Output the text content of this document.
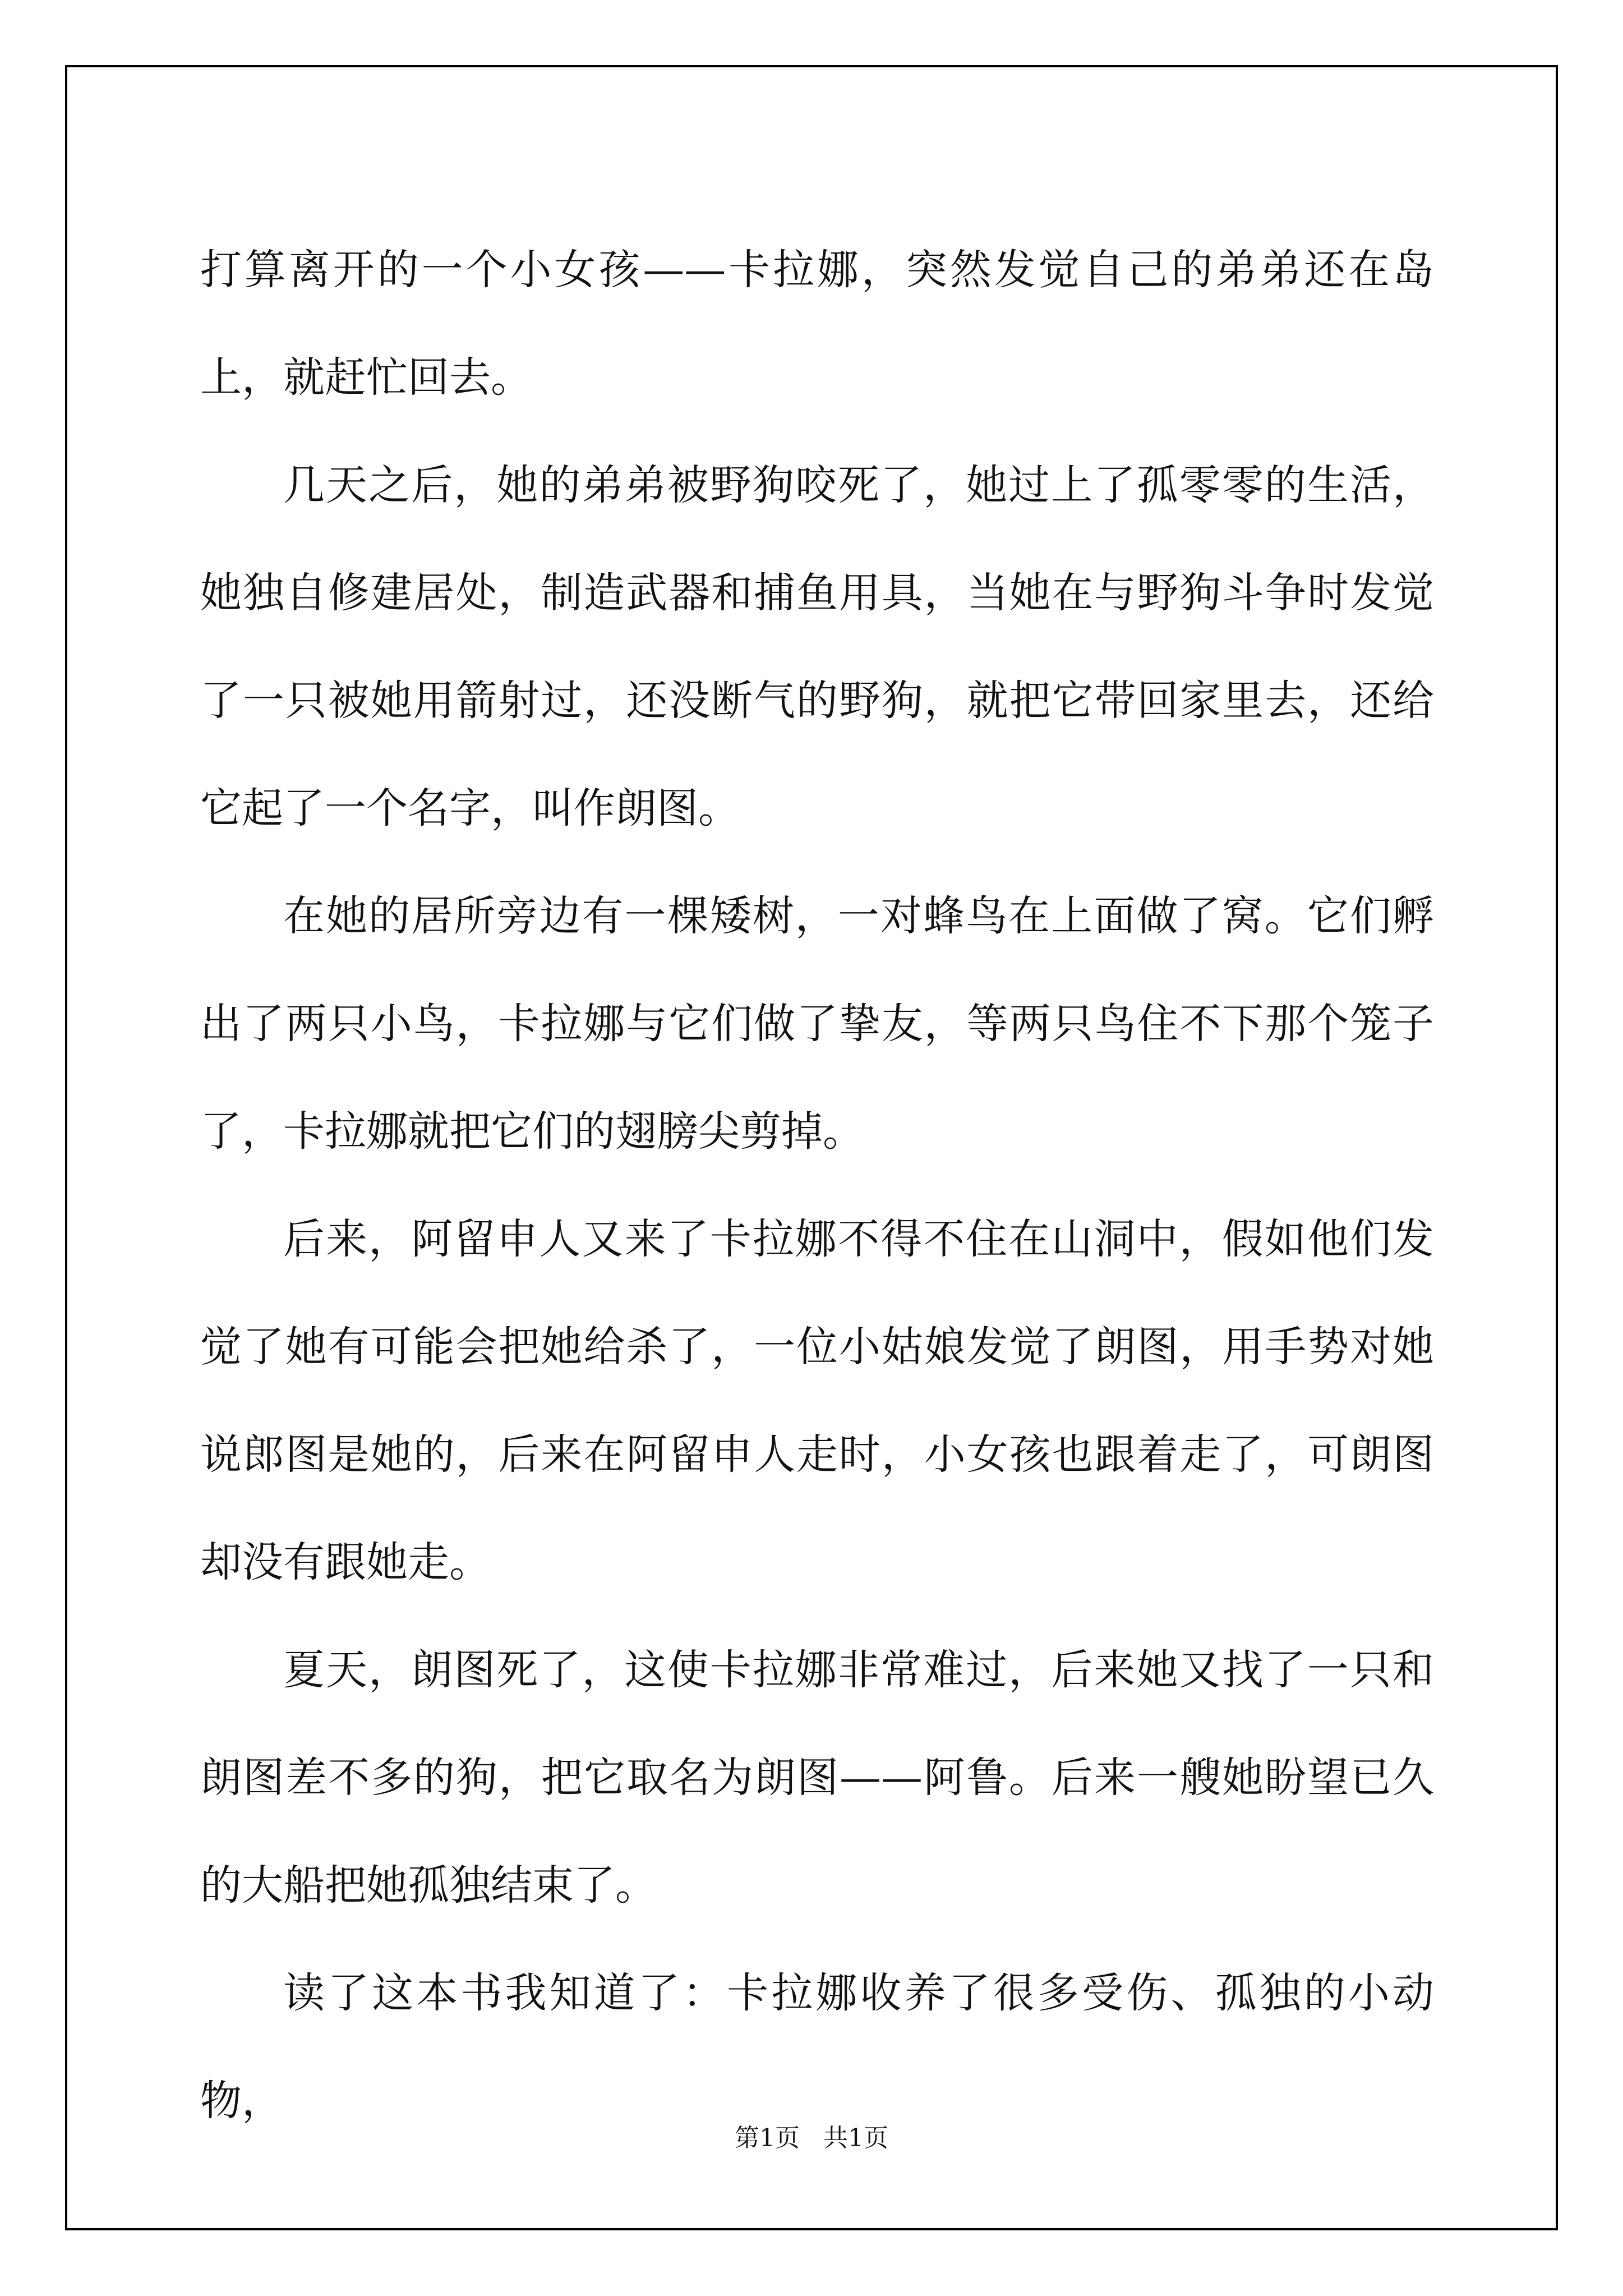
打算离开的一个小女孩——卡拉娜，突然发觉自己的弟弟还在岛上，就赶忙回去。

几天之后，她的弟弟被野狗咬死了，她过上了孤零零的生活，她独自修建居处，制造武器和捕鱼用具，当她在与野狗斗争时发觉了一只被她用箭射过，还没断气的野狗，就把它带回家里去，还给它起了一个名字，叫作朗图。

在她的居所旁边有一棵矮树，一对蜂鸟在上面做了窝。它们孵出了两只小鸟，卡拉娜与它们做了挚友，等两只鸟住不下那个笼子了，卡拉娜就把它们的翅膀尖剪掉。

后来，阿留申人又来了卡拉娜不得不住在山洞中，假如他们发觉了她有可能会把她给杀了，一位小姑娘发觉了朗图，用手势对她说郎图是她的，后来在阿留申人走时，小女孩也跟着走了，可朗图却没有跟她走。

夏天，朗图死了，这使卡拉娜非常难过，后来她又找了一只和朗图差不多的狗，把它取名为朗图——阿鲁。后来一艘她盼望已久的大船把她孤独结束了。

读了这本书我知道了：卡拉娜收养了很多受伤、孤独的小动物，

第1页 共1页
